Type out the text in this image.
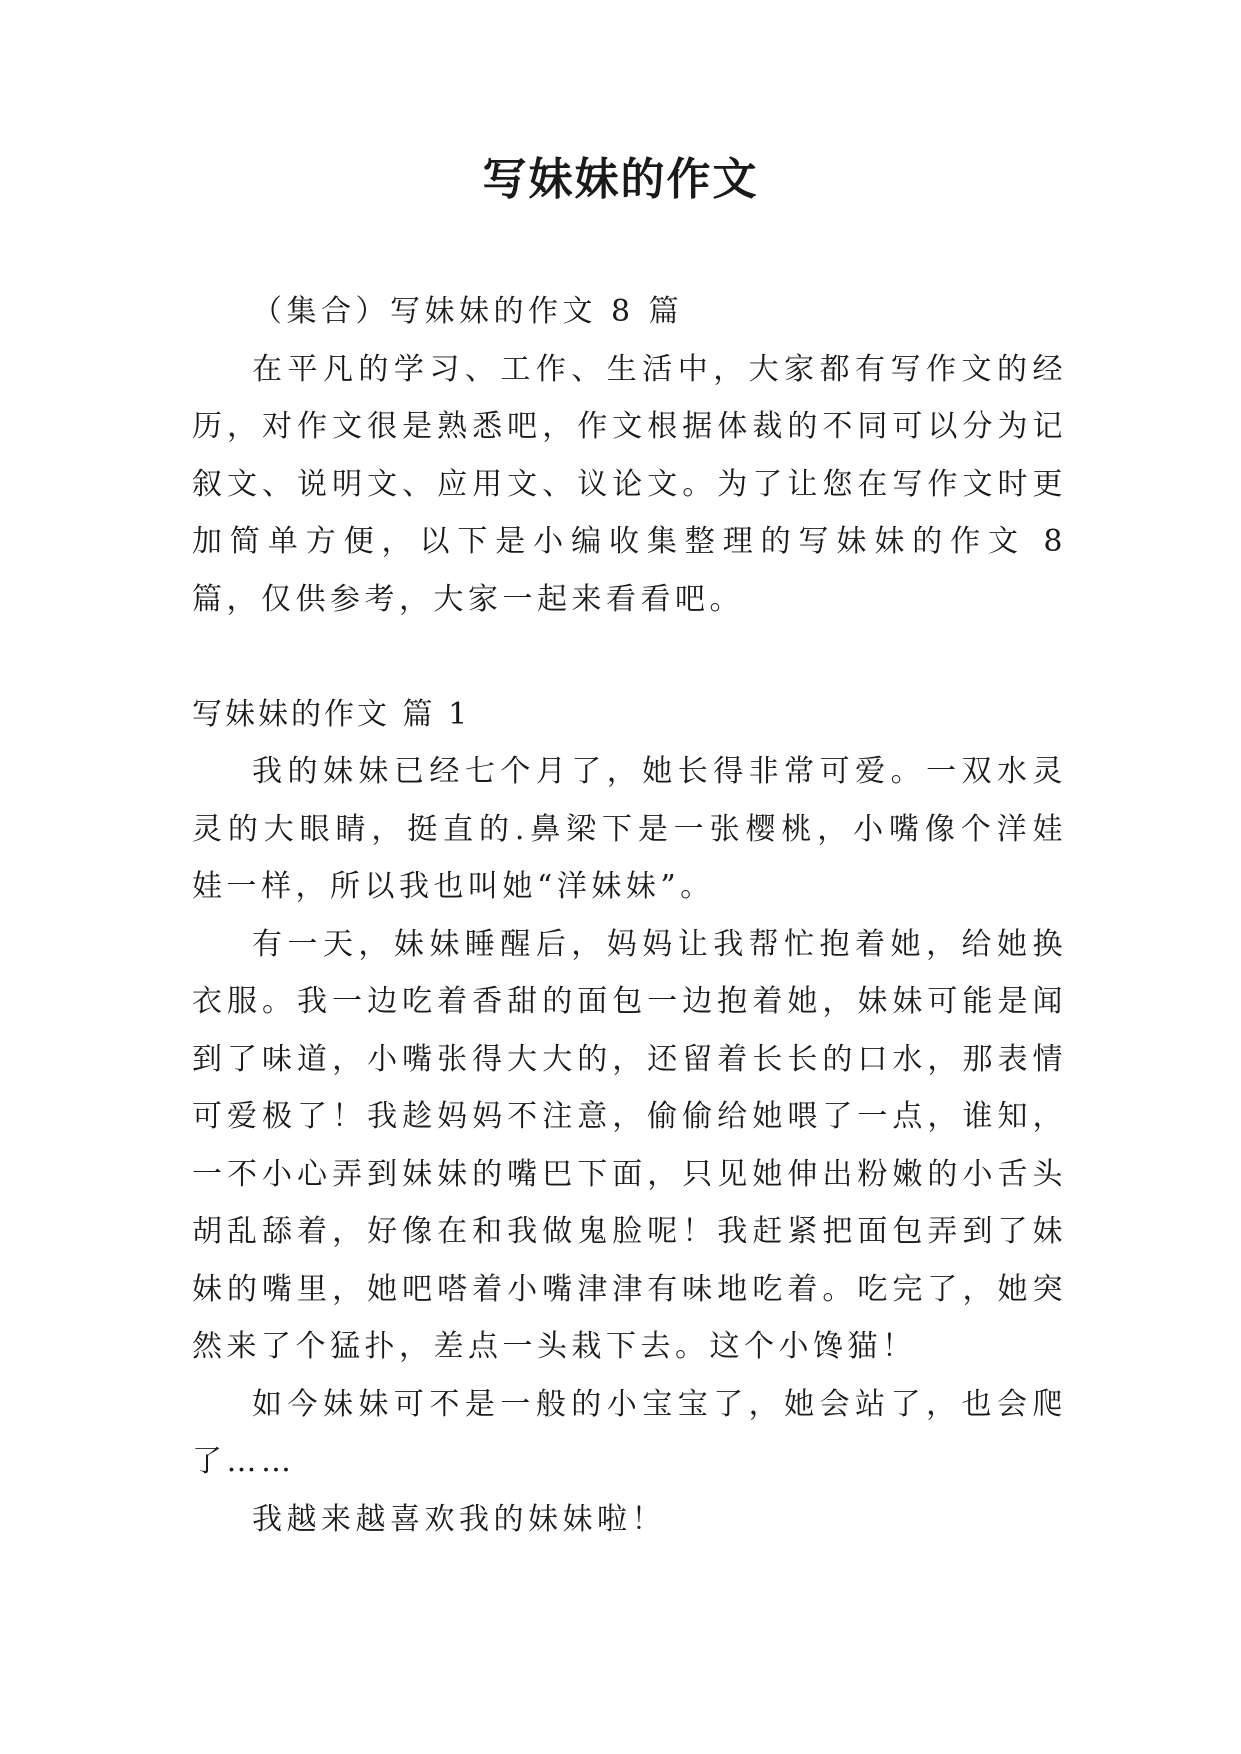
写妹妹的作文

（集合）写妹妹的作文 8 篇

在平凡的学习、工作、生活中，大家都有写作文的经历，对作文很是熟悉吧，作文根据体裁的不同可以分为记叙文、说明文、应用文、议论文。为了让您在写作文时更加简单方便，以下是小编收集整理的写妹妹的作文 8 篇，仅供参考，大家一起来看看吧。

写妹妹的作文 篇 1

我的妹妹已经七个月了，她长得非常可爱。一双水灵灵的大眼睛，挺直的.鼻梁下是一张樱桃，小嘴像个洋娃娃一样，所以我也叫她“洋妹妹”。

有一天，妹妹睡醒后，妈妈让我帮忙抱着她，给她换衣服。我一边吃着香甜的面包一边抱着她，妹妹可能是闻到了味道，小嘴张得大大的，还留着长长的口水，那表情可爱极了！我趁妈妈不注意，偷偷给她喂了一点，谁知，一不小心弄到妹妹的嘴巴下面，只见她伸出粉嫩的小舌头胡乱舔着，好像在和我做鬼脸呢！我赶紧把面包弄到了妹妹的嘴里，她吧嗒着小嘴津津有味地吃着。吃完了，她突然来了个猛扑，差点一头栽下去。这个小馋猫！

如今妹妹可不是一般的小宝宝了，她会站了，也会爬了……

我越来越喜欢我的妹妹啦！
